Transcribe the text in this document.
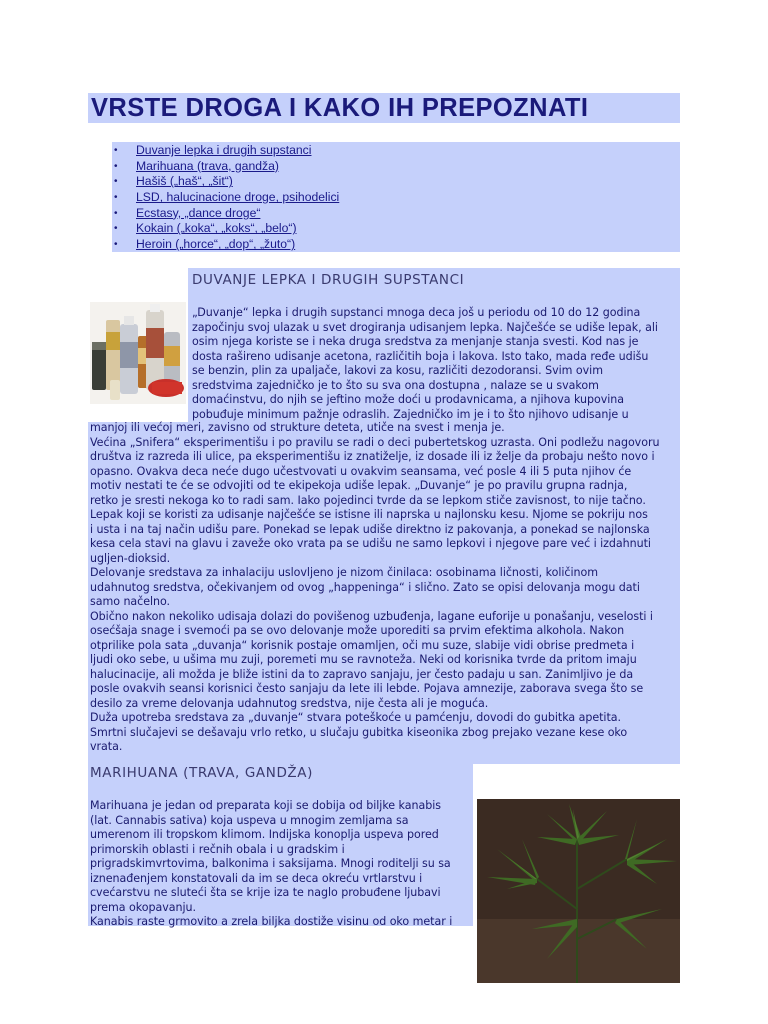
VRSTE DROGA I KAKO IH PREPOZNATI
• Duvanje lepka i drugih supstanci
• Marihuana (trava, gandža)
• Hašiš („haš“, „šit“)
• LSD, halucinacione droge, psihodelici
• Ecstasy, „dance droge“
• Kokain („koka“, „koks“, „belo“)
• Heroin („horce“, „dop“, „žuto“)
DUVANJE LEPKA I DRUGIH SUPSTANCI

„Duvanje“ lepka i drugih supstanci mnoga deca još u periodu od 10 do 12 godina

započinju svoj ulazak u svet drogiranja udisanjem lepka. Najčešće se udiše lepak, ali

osim njega koriste se i neka druga sredstva za menjanje stanja svesti. Kod nas je

dosta rašireno udisanje acetona, različitih boja i lakova. Isto tako, mada ređe udišu

se benzin, plin za upaljače, lakovi za kosu, različiti dezodoransi. Svim ovim

sredstvima zajedničko je to što su sva ona dostupna , nalaze se u svakom

domaćinstvu, do njih se jeftino može doći u prodavnicama, a njihova kupovina

pobuđuje minimum pažnje odraslih. Zajedničko im je i to što njihovo udisanje u

manjoj ili većoj meri, zavisno od strukture deteta, utiče na svest i menja je.

Većina „Snifera“ eksperimentišu i po pravilu se radi o deci pubertetskog uzrasta. Oni podležu nagovoru

društva iz razreda ili ulice, pa eksperimentišu iz znatiželje, iz dosade ili iz želje da probaju nešto novo i

opasno. Ovakva deca neće dugo učestvovati u ovakvim seansama, već posle 4 ili 5 puta njihov će

motiv nestati te će se odvojiti od te ekipekoja udiše lepak. „Duvanje“ je po pravilu grupna radnja,

retko je sresti nekoga ko to radi sam. Iako pojedinci tvrde da se lepkom stiče zavisnost, to nije tačno.

Lepak koji se koristi za udisanje najčešće se istisne ili naprska u najlonsku kesu. Njome se pokriju nos

i usta i na taj način udišu pare. Ponekad se lepak udiše direktno iz pakovanja, a ponekad se najlonska

kesa cela stavi na glavu i zaveže oko vrata pa se udišu ne samo lepkovi i njegove pare već i izdahnuti

ugljen-dioksid.

Delovanje sredstava za inhalaciju uslovljeno je nizom činilaca: osobinama ličnosti, količinom

udahnutog sredstva, očekivanjem od ovog „happeninga“ i slično. Zato se opisi delovanja mogu dati

samo načelno.

Obično nakon nekoliko udisaja dolazi do povišenog uzbuđenja, lagane euforije u ponašanju, veselosti i

osećšaja snage i svemoći pa se ovo delovanje može uporediti sa prvim efektima alkohola. Nakon

otprilike pola sata „duvanja“ korisnik postaje omamljen, oči mu suze, slabije vidi obrise predmeta i

ljudi oko sebe, u ušima mu zuji, poremeti mu se ravnoteža. Neki od korisnika tvrde da pritom imaju

halucinacije, ali možda je bliže istini da to zapravo sanjaju, jer često padaju u san. Zanimljivo je da

posle ovakvih seansi korisnici često sanjaju da lete ili lebde. Pojava amnezije, zaborava svega što se

desilo za vreme delovanja udahnutog sredstva, nije česta ali je moguća.

Duža upotreba sredstava za „duvanje“ stvara poteškoće u pamćenju, dovodi do gubitka apetita.

Smrtni slučajevi se dešavaju vrlo retko, u slučaju gubitka kiseonika zbog prejako vezane kese oko

vrata.

MARIHUANA (TRAVA, GANDŽA)

Marihuana je jedan od preparata koji se dobija od biljke kanabis

(lat. Cannabis sativa) koja uspeva u mnogim zemljama sa

umerenom ili tropskom klimom. Indijska konoplja uspeva pored

primorskih oblasti i rečnih obala i u gradskim i

prigradskimvrtovima, balkonima i saksijama. Mnogi roditelji su sa

iznenađenjem konstatovali da im se deca okreću vrtlarstvu i

cvećarstvu ne sluteći šta se krije iza te naglo probuđene ljubavi

prema okopavanju.

Kanabis raste grmovito a zrela biljka dostiže visinu od oko metar i
